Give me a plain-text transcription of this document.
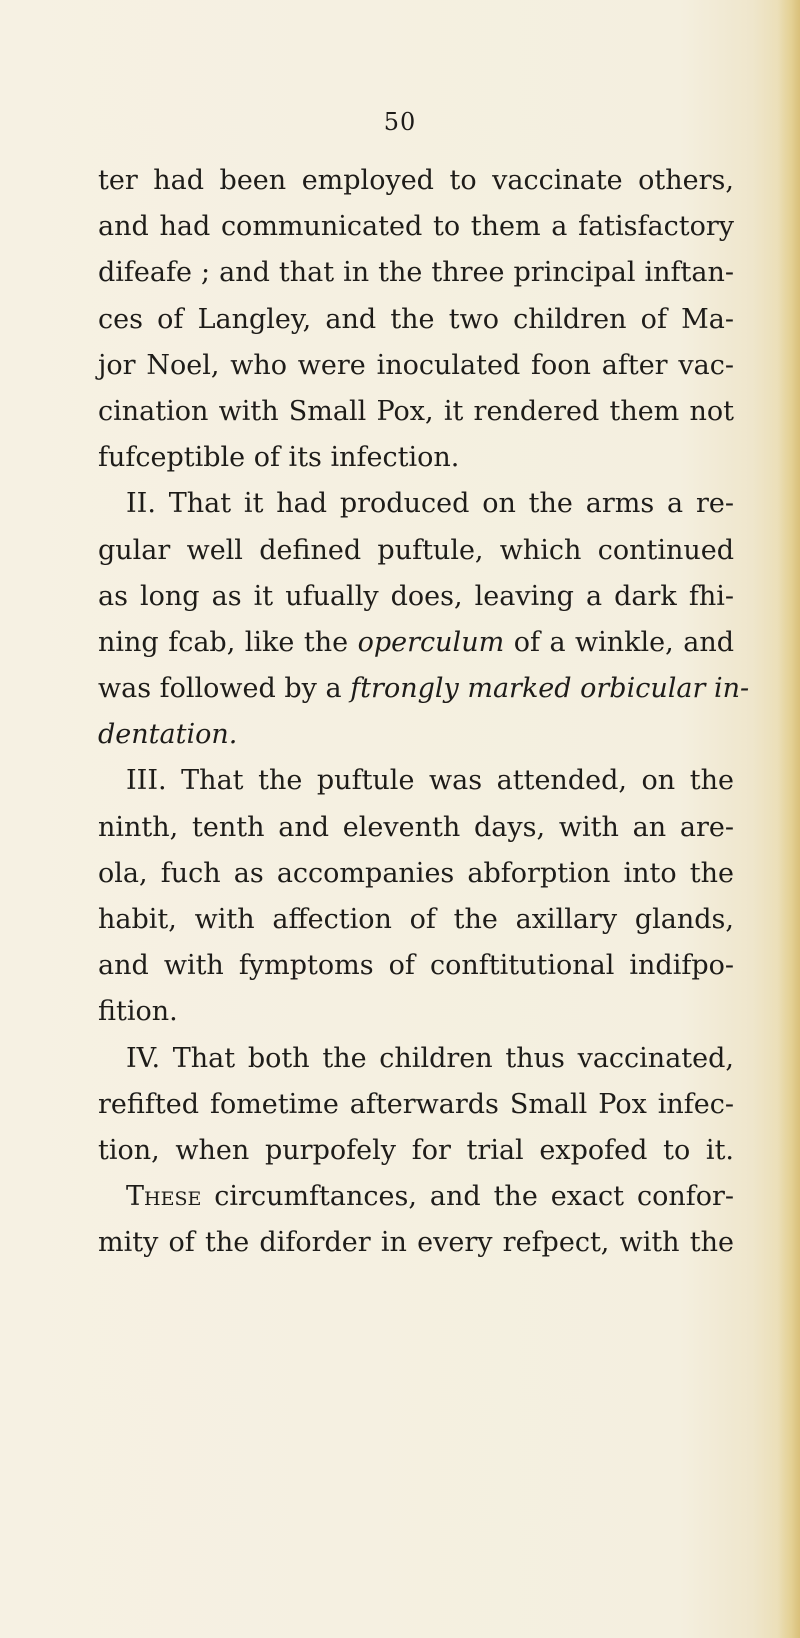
50
ter had been employed to vaccinate others,
and had communicated to them a fatisfactory
difeafe ; and that in the three principal inftan-
ces of Langley, and the two children of Ma-
jor Noel, who were inoculated foon after vac-
cination with Small Pox, it rendered them not
fufceptible of its infection.
II. That it had produced on the arms a re-
gular well defined puftule, which continued
as long as it ufually does, leaving a dark fhi-
ning fcab, like the operculum of a winkle, and
was followed by a ftrongly marked orbicular in-
dentation.
III. That the puftule was attended, on the
ninth, tenth and eleventh days, with an are-
ola, fuch as accompanies abforption into the
habit, with affection of the axillary glands,
and with fymptoms of conftitutional indifpo-
fition.
IV. That both the children thus vaccinated,
refifted fometime afterwards Small Pox infec-
tion, when purpofely for trial expofed to it.
These circumftances, and the exact confor-
mity of the diforder in every refpect, with the
